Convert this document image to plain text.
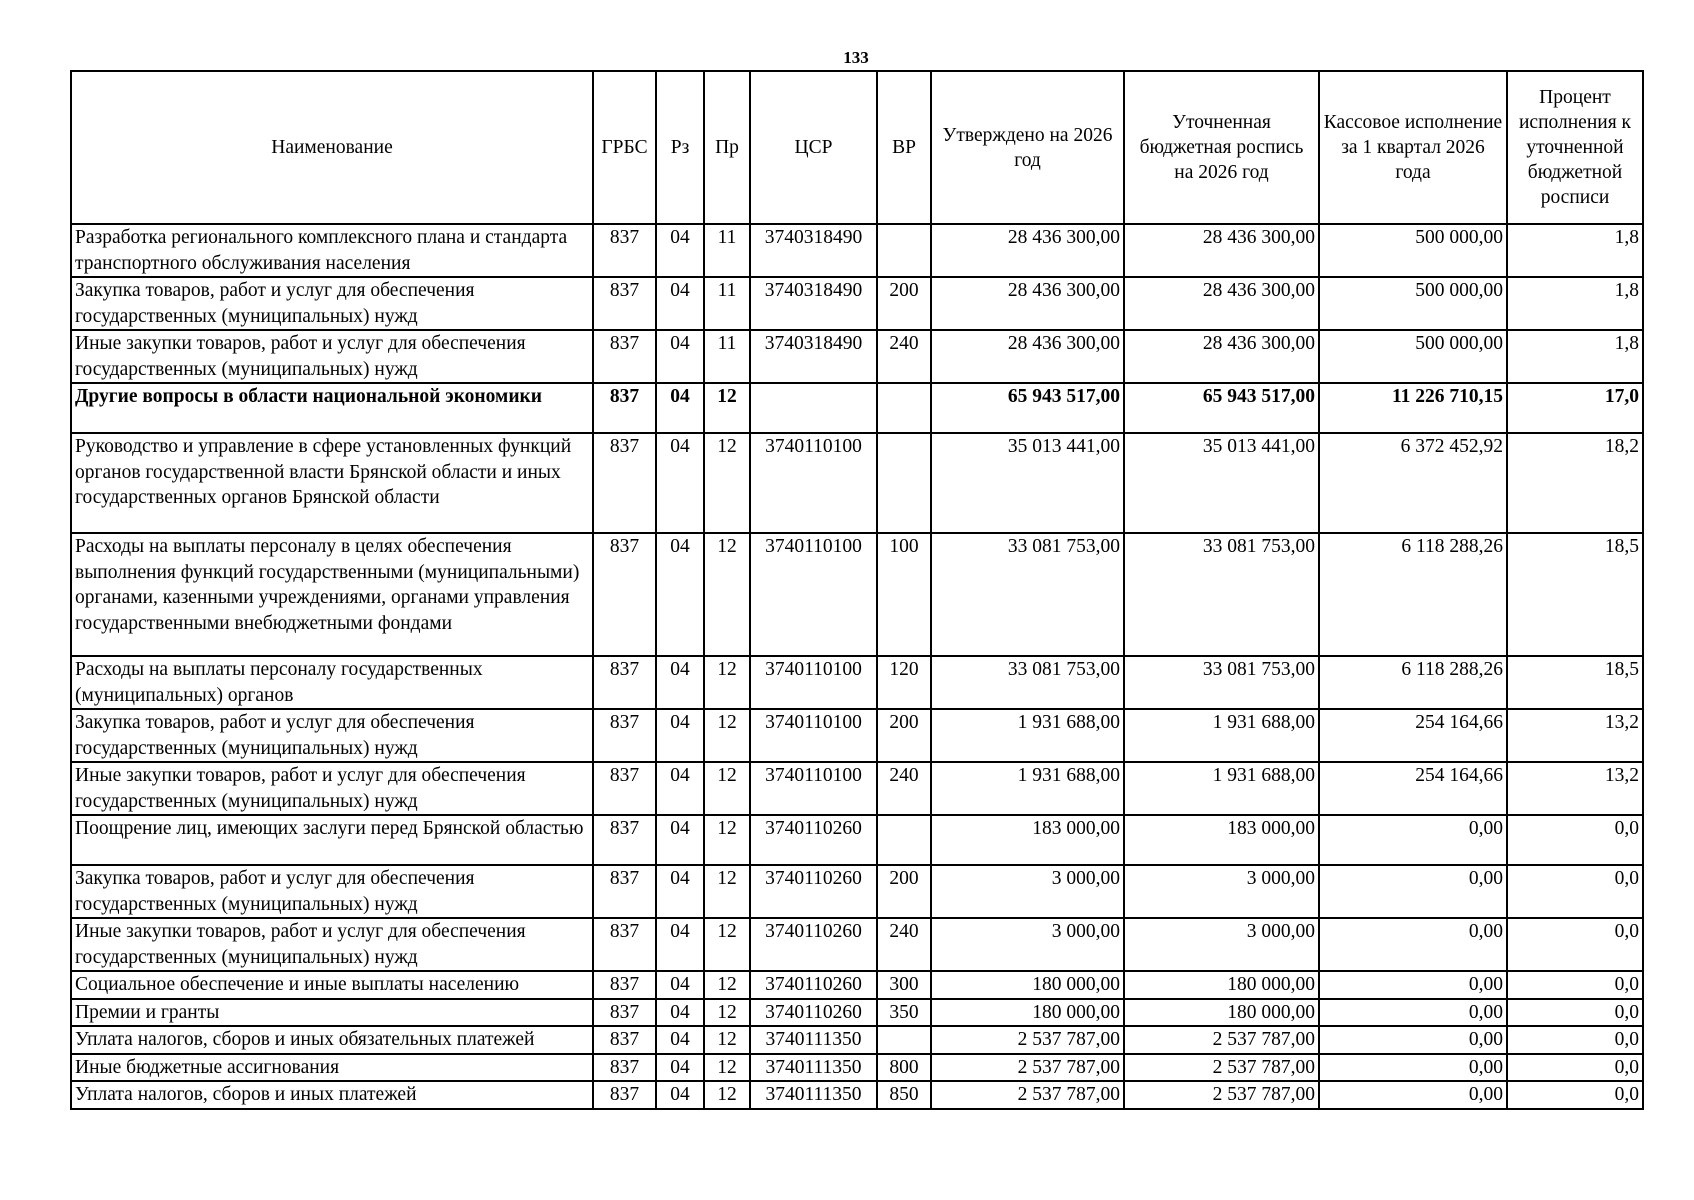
133
Наименование	ГРБС	Рз	Пр	ЦСР	ВР	Утверждено на 2026 год	Уточненная бюджетная роспись на 2026 год	Кассовое исполнение за 1 квартал 2026 года	Процент исполнения к уточненной бюджетной росписи
Разработка регионального комплексного плана и стандарта транспортного обслуживания населения	837	04	11	3740318490		28 436 300,00	28 436 300,00	500 000,00	1,8
Закупка товаров, работ и услуг для обеспечения государственных (муниципальных) нужд	837	04	11	3740318490	200	28 436 300,00	28 436 300,00	500 000,00	1,8
Иные закупки товаров, работ и услуг для обеспечения государственных (муниципальных) нужд	837	04	11	3740318490	240	28 436 300,00	28 436 300,00	500 000,00	1,8
Другие вопросы в области национальной экономики	837	04	12			65 943 517,00	65 943 517,00	11 226 710,15	17,0
Руководство и управление в сфере установленных функций органов государственной власти Брянской области и иных государственных органов Брянской области	837	04	12	3740110100		35 013 441,00	35 013 441,00	6 372 452,92	18,2
Расходы на выплаты персоналу в целях обеспечения выполнения функций государственными (муниципальными) органами, казенными учреждениями, органами управления государственными внебюджетными фондами	837	04	12	3740110100	100	33 081 753,00	33 081 753,00	6 118 288,26	18,5
Расходы на выплаты персоналу государственных (муниципальных) органов	837	04	12	3740110100	120	33 081 753,00	33 081 753,00	6 118 288,26	18,5
Закупка товаров, работ и услуг для обеспечения государственных (муниципальных) нужд	837	04	12	3740110100	200	1 931 688,00	1 931 688,00	254 164,66	13,2
Иные закупки товаров, работ и услуг для обеспечения государственных (муниципальных) нужд	837	04	12	3740110100	240	1 931 688,00	1 931 688,00	254 164,66	13,2
Поощрение лиц, имеющих заслуги перед Брянской областью	837	04	12	3740110260		183 000,00	183 000,00	0,00	0,0
Закупка товаров, работ и услуг для обеспечения государственных (муниципальных) нужд	837	04	12	3740110260	200	3 000,00	3 000,00	0,00	0,0
Иные закупки товаров, работ и услуг для обеспечения государственных (муниципальных) нужд	837	04	12	3740110260	240	3 000,00	3 000,00	0,00	0,0
Социальное обеспечение и иные выплаты населению	837	04	12	3740110260	300	180 000,00	180 000,00	0,00	0,0
Премии и гранты	837	04	12	3740110260	350	180 000,00	180 000,00	0,00	0,0
Уплата налогов, сборов и иных обязательных платежей	837	04	12	3740111350		2 537 787,00	2 537 787,00	0,00	0,0
Иные бюджетные ассигнования	837	04	12	3740111350	800	2 537 787,00	2 537 787,00	0,00	0,0
Уплата налогов, сборов и иных платежей	837	04	12	3740111350	850	2 537 787,00	2 537 787,00	0,00	0,0
